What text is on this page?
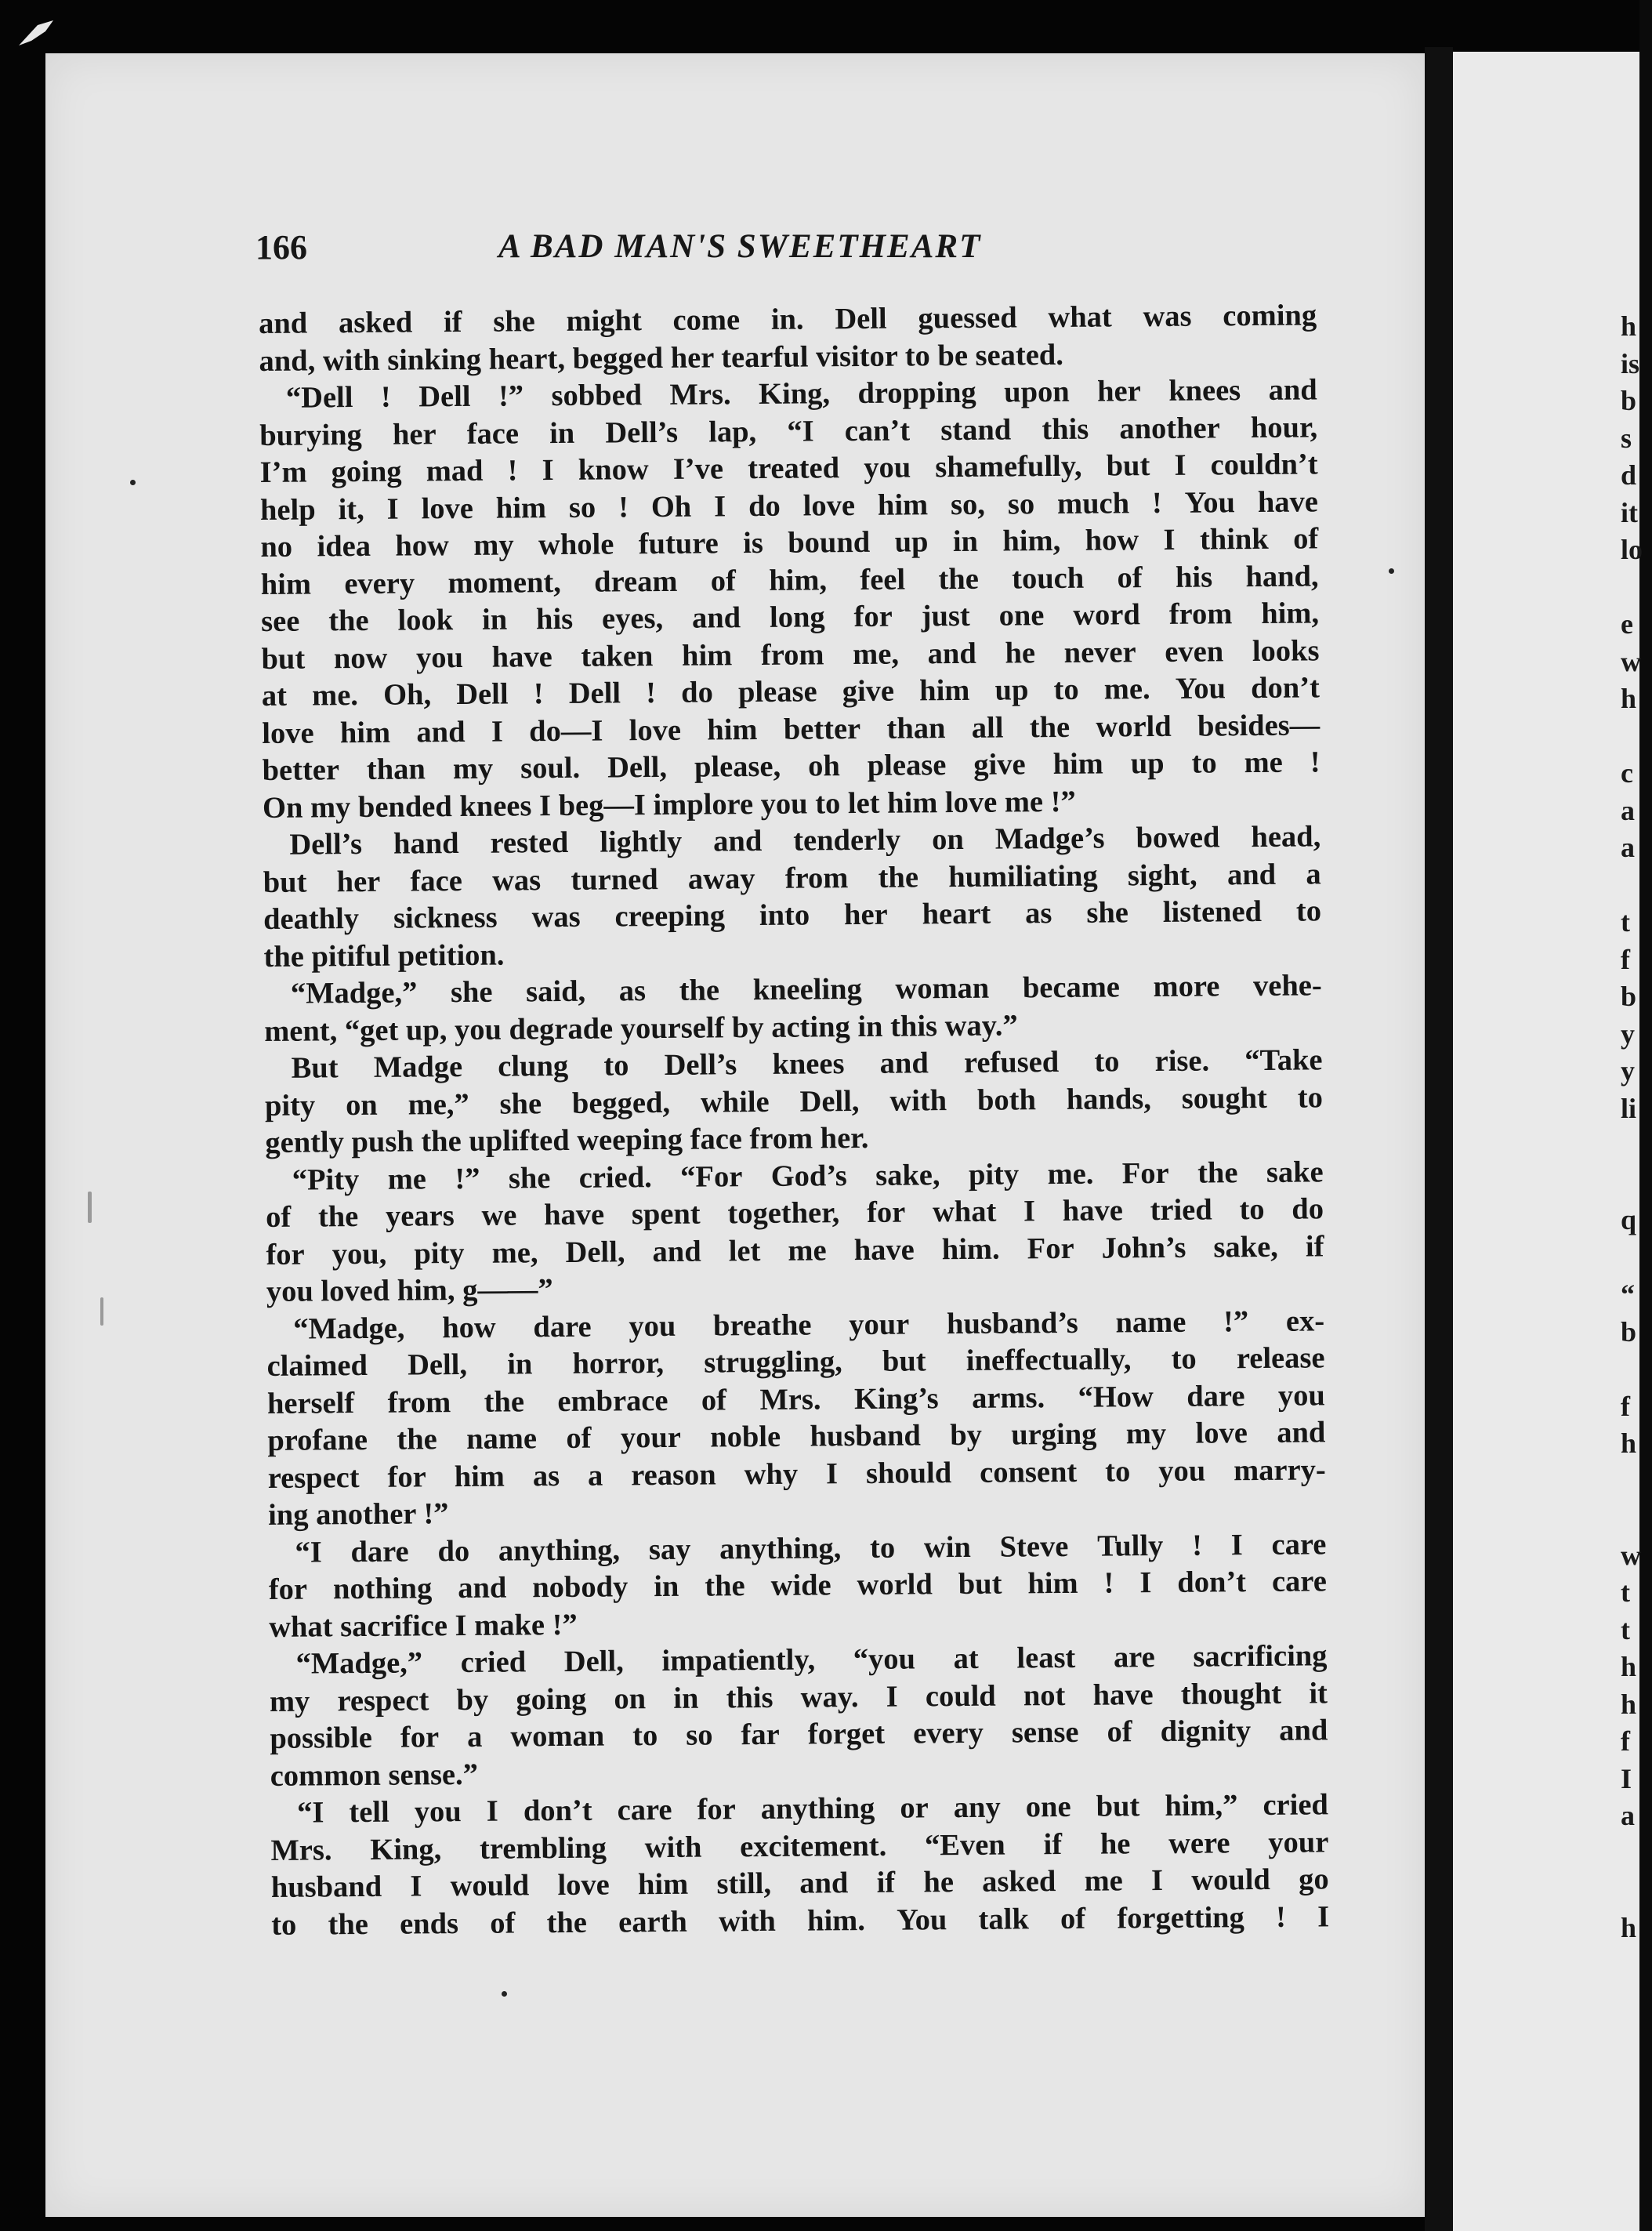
166	A BAD MAN'S SWEETHEART
and asked if she might come in. Dell guessed what was coming
and, with sinking heart, begged her tearful visitor to be seated.
“Dell ! Dell !” sobbed Mrs. King, dropping upon her knees and
burying her face in Dell’s lap, “I can’t stand this another hour,
I’m going mad ! I know I’ve treated you shamefully, but I couldn’t
help it, I love him so ! Oh I do love him so, so much ! You have
no idea how my whole future is bound up in him, how I think of
him every moment, dream of him, feel the touch of his hand,
see the look in his eyes, and long for just one word from him,
but now you have taken him from me, and he never even looks
at me. Oh, Dell ! Dell ! do please give him up to me. You don’t
love him and I do—I love him better than all the world besides—
better than my soul. Dell, please, oh please give him up to me !
On my bended knees I beg—I implore you to let him love me !”
Dell’s hand rested lightly and tenderly on Madge’s bowed head,
but her face was turned away from the humiliating sight, and a
deathly sickness was creeping into her heart as she listened to
the pitiful petition.
“Madge,” she said, as the kneeling woman became more vehe-
ment, “get up, you degrade yourself by acting in this way.”
But Madge clung to Dell’s knees and refused to rise. “Take
pity on me,” she begged, while Dell, with both hands, sought to
gently push the uplifted weeping face from her.
“Pity me !” she cried. “For God’s sake, pity me. For the sake
of the years we have spent together, for what I have tried to do
for you, pity me, Dell, and let me have him. For John’s sake, if
you loved him, g——”
“Madge, how dare you breathe your husband’s name !” ex-
claimed Dell, in horror, struggling, but ineffectually, to release
herself from the embrace of Mrs. King’s arms. “How dare you
profane the name of your noble husband by urging my love and
respect for him as a reason why I should consent to you marry-
ing another !”
“I dare do anything, say anything, to win Steve Tully ! I care
for nothing and nobody in the wide world but him ! I don’t care
what sacrifice I make !”
“Madge,” cried Dell, impatiently, “you at least are sacrificing
my respect by going on in this way. I could not have thought it
possible for a woman to so far forget every sense of dignity and
common sense.”
“I tell you I don’t care for anything or any one but him,” cried
Mrs. King, trembling with excitement. “Even if he were your
husband I would love him still, and if he asked me I would go
to the ends of the earth with him. You talk of forgetting ! I
h
is
b
s
d
it
lo
e
w
h
c
a
a
t
f
b
y
y
li
q
“
b
f
h
w
t
t
h
h
f
I
a
h
